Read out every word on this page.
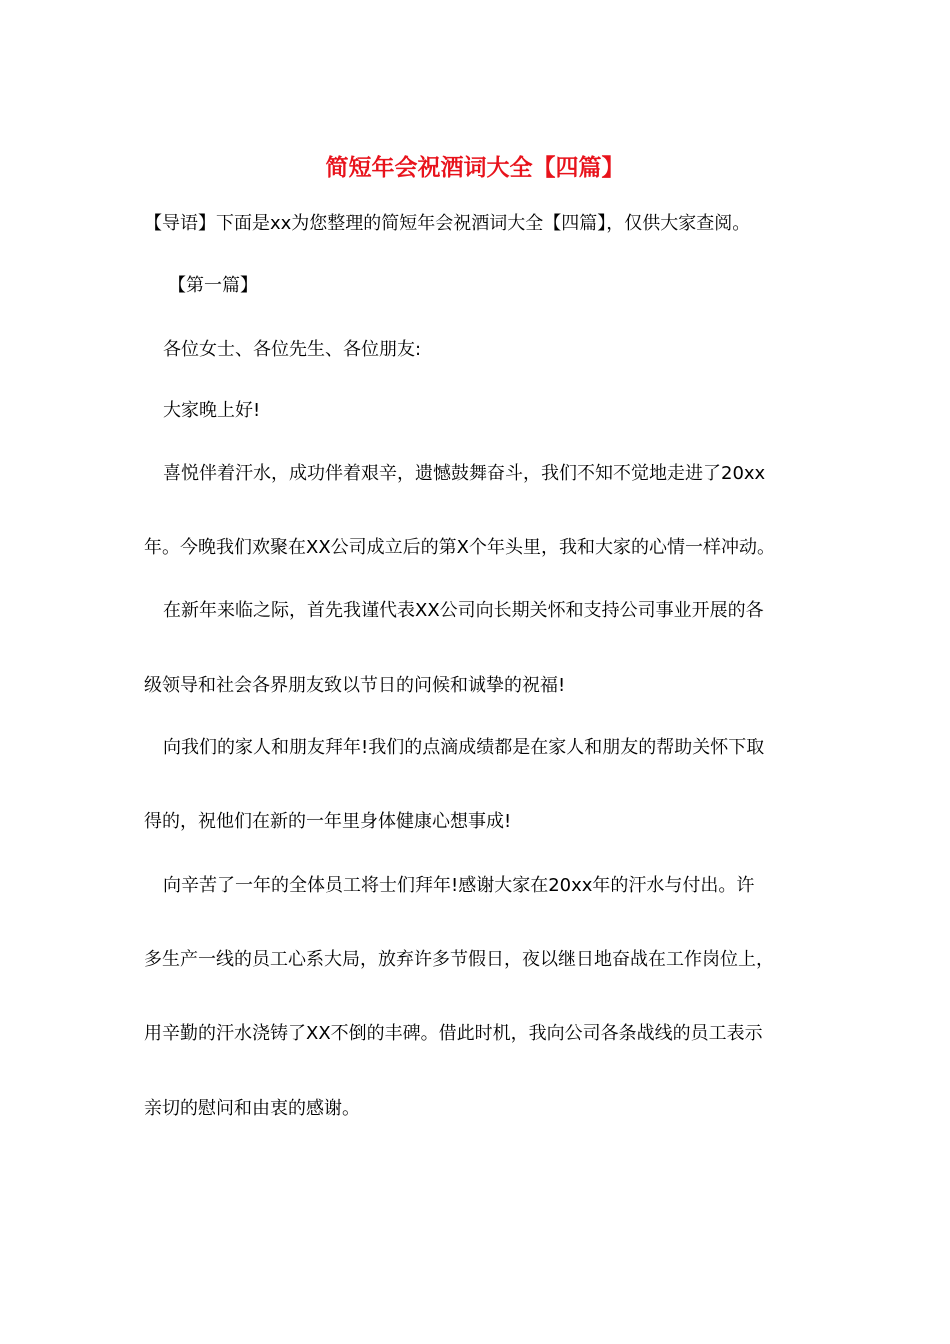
简短年会祝酒词大全【四篇】
【导语】下面是xx为您整理的简短年会祝酒词大全【四篇】，仅供大家查阅。
【第一篇】
各位女士、各位先生、各位朋友:
大家晚上好!
喜悦伴着汗水，成功伴着艰辛，遗憾鼓舞奋斗，我们不知不觉地走进了20xx
年。今晚我们欢聚在XX公司成立后的第X个年头里，我和大家的心情一样冲动。
在新年来临之际，首先我谨代表XX公司向长期关怀和支持公司事业开展的各
级领导和社会各界朋友致以节日的问候和诚挚的祝福!
向我们的家人和朋友拜年!我们的点滴成绩都是在家人和朋友的帮助关怀下取
得的，祝他们在新的一年里身体健康心想事成!
向辛苦了一年的全体员工将士们拜年!感谢大家在20xx年的汗水与付出。许
多生产一线的员工心系大局，放弃许多节假日，夜以继日地奋战在工作岗位上，
用辛勤的汗水浇铸了XX不倒的丰碑。借此时机，我向公司各条战线的员工表示
亲切的慰问和由衷的感谢。
